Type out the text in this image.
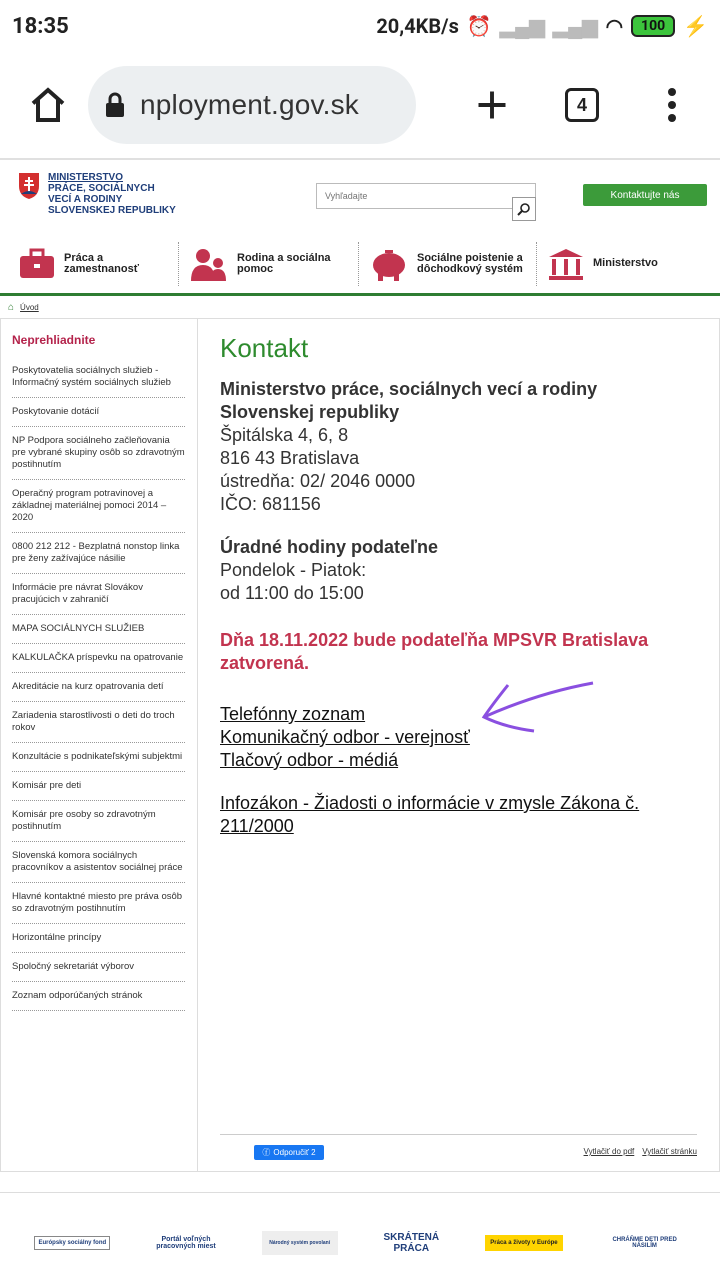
18:35	20,4KB/s ⏰ ▂▄▆ ▂▄▆ ◠	100 ⚡
nployment.gov.sk	4
MINISTERSTVO
PRÁCE, SOCIÁLNYCH
VECÍ A RODINY
SLOVENSKEJ REPUBLIKY
Vyhľadajte
Kontaktujte nás
Práca a
zamestnanosť
Rodina a sociálna
pomoc
Sociálne poistenie a
dôchodkový systém	Ministerstvo
⌂ Úvod
Neprehliadnite
Poskytovatelia sociálnych služieb - Informačný systém sociálnych služieb
Poskytovanie dotácií
NP Podpora sociálneho začleňovania pre vybrané skupiny osôb so zdravotným postihnutím
Operačný program potravinovej a základnej materiálnej pomoci 2014 – 2020
0800 212 212 - Bezplatná nonstop linka pre ženy zažívajúce násilie
Informácie pre návrat Slovákov pracujúcich v zahraničí
MAPA SOCIÁLNYCH SLUŽIEB
KALKULAČKA príspevku na opatrovanie
Akreditácie na kurz opatrovania detí
Zariadenia starostlivosti o deti do troch rokov
Konzultácie s podnikateľskými subjektmi
Komisár pre deti
Komisár pre osoby so zdravotným postihnutím
Slovenská komora sociálnych pracovníkov a asistentov sociálnej práce
Hlavné kontaktné miesto pre práva osôb so zdravotným postihnutím
Horizontálne princípy
Spoločný sekretariát výborov
Zoznam odporúčaných stránok
Kontakt
Ministerstvo práce, sociálnych vecí a rodiny
Slovenskej republiky
Špitálska 4, 6, 8
816 43 Bratislava
ústredňa: 02/ 2046 0000
IČO: 681156
Úradné hodiny podateľne
Pondelok - Piatok:
od 11:00 do 15:00
Dňa 18.11.2022 bude podateľňa MPSVR Bratislava zatvorená.
Telefónny zoznam
Komunikačný odbor - verejnosť
Tlačový odbor - médiá
Infozákon - Žiadosti o informácie v zmysle Zákona č. 211/2000
ⓕ Odporučiť 2	Vytlačiť do pdf Vytlačiť stránku
Európsky sociálny fond	Portál voľných pracovných miest	Národný systém povolaní	SKRÁTENÁ PRÁCA	Práca a životy v Európe	CHRÁŇME DETI PRED NÁSILÍM
